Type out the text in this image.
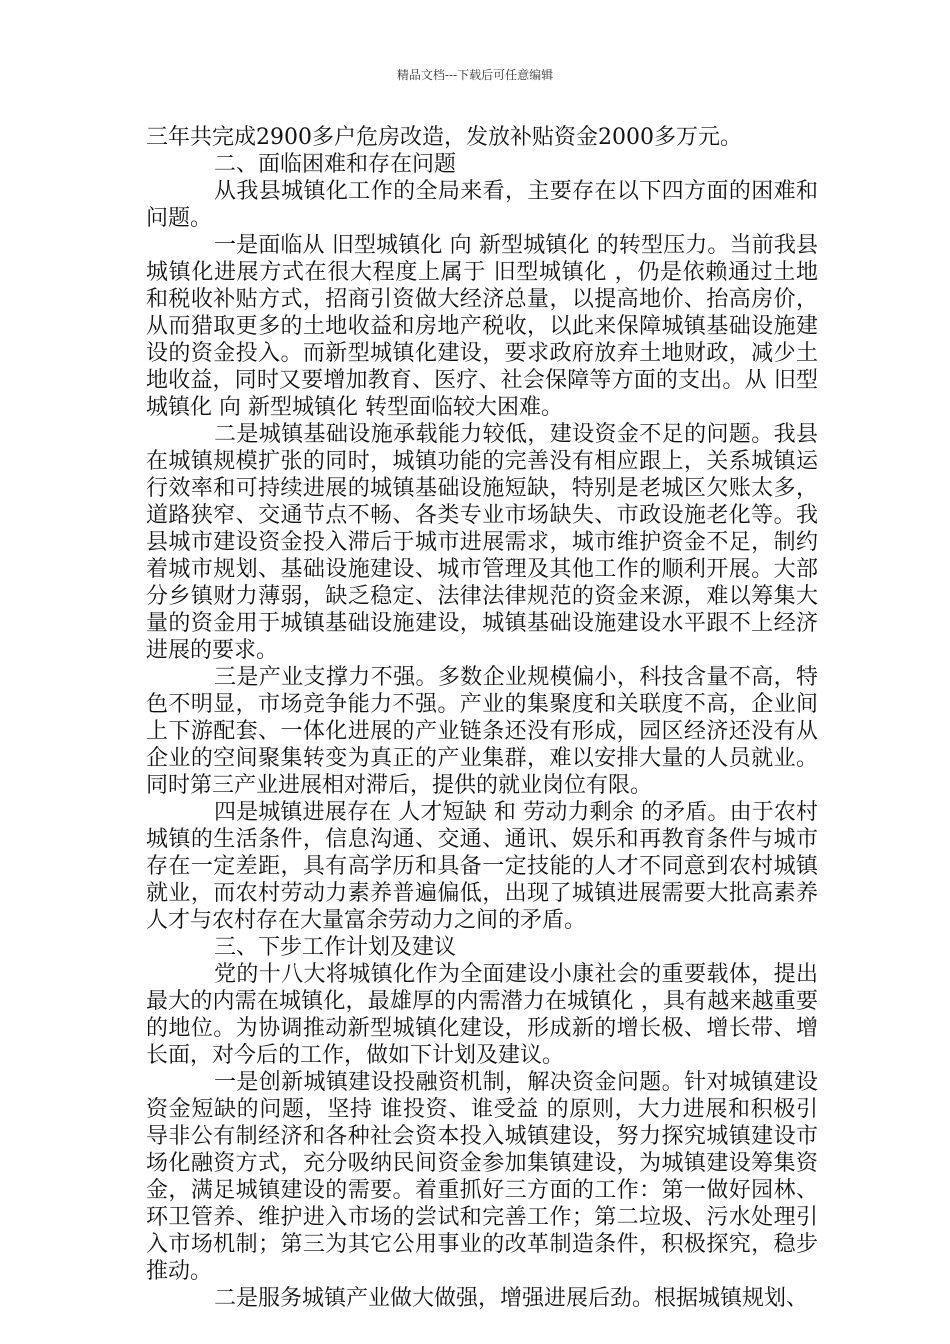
精品文档---下载后可任意编辑

三年共完成2900多户危房改造，发放补贴资金2000多万元。

二、面临困难和存在问题

从我县城镇化工作的全局来看，主要存在以下四方面的困难和问题。

一是面临从 旧型城镇化 向 新型城镇化 的转型压力。当前我县城镇化进展方式在很大程度上属于 旧型城镇化 ，仍是依赖通过土地和税收补贴方式，招商引资做大经济总量，以提高地价、抬高房价，从而猎取更多的土地收益和房地产税收，以此来保障城镇基础设施建设的资金投入。而新型城镇化建设，要求政府放弃土地财政，减少土地收益，同时又要增加教育、医疗、社会保障等方面的支出。从 旧型城镇化 向 新型城镇化 转型面临较大困难。

二是城镇基础设施承载能力较低，建设资金不足的问题。我县在城镇规模扩张的同时，城镇功能的完善没有相应跟上，关系城镇运行效率和可持续进展的城镇基础设施短缺，特别是老城区欠账太多，道路狭窄、交通节点不畅、各类专业市场缺失、市政设施老化等。我县城市建设资金投入滞后于城市进展需求，城市维护资金不足，制约着城市规划、基础设施建设、城市管理及其他工作的顺利开展。大部分乡镇财力薄弱，缺乏稳定、法律法律规范的资金来源，难以筹集大量的资金用于城镇基础设施建设，城镇基础设施建设水平跟不上经济进展的要求。

三是产业支撑力不强。多数企业规模偏小，科技含量不高，特色不明显，市场竞争能力不强。产业的集聚度和关联度不高，企业间上下游配套、一体化进展的产业链条还没有形成，园区经济还没有从企业的空间聚集转变为真正的产业集群，难以安排大量的人员就业。同时第三产业进展相对滞后，提供的就业岗位有限。

四是城镇进展存在 人才短缺 和 劳动力剩余 的矛盾。由于农村城镇的生活条件，信息沟通、交通、通讯、娱乐和再教育条件与城市存在一定差距，具有高学历和具备一定技能的人才不同意到农村城镇就业，而农村劳动力素养普遍偏低，出现了城镇进展需要大批高素养人才与农村存在大量富余劳动力之间的矛盾。

三、下步工作计划及建议

党的十八大将城镇化作为全面建设小康社会的重要载体，提出 最大的内需在城镇化，最雄厚的内需潜力在城镇化 ，具有越来越重要的地位。为协调推动新型城镇化建设，形成新的增长极、增长带、增长面，对今后的工作，做如下计划及建议。

一是创新城镇建设投融资机制，解决资金问题。针对城镇建设资金短缺的问题，坚持 谁投资、谁受益 的原则，大力进展和积极引导非公有制经济和各种社会资本投入城镇建设，努力探究城镇建设市场化融资方式，充分吸纳民间资金参加集镇建设，为城镇建设筹集资金，满足城镇建设的需要。着重抓好三方面的工作：第一做好园林、环卫管养、维护进入市场的尝试和完善工作；第二垃圾、污水处理引入市场机制；第三为其它公用事业的改革制造条件，积极探究，稳步推动。

二是服务城镇产业做大做强，增强进展后劲。根据城镇规划、
